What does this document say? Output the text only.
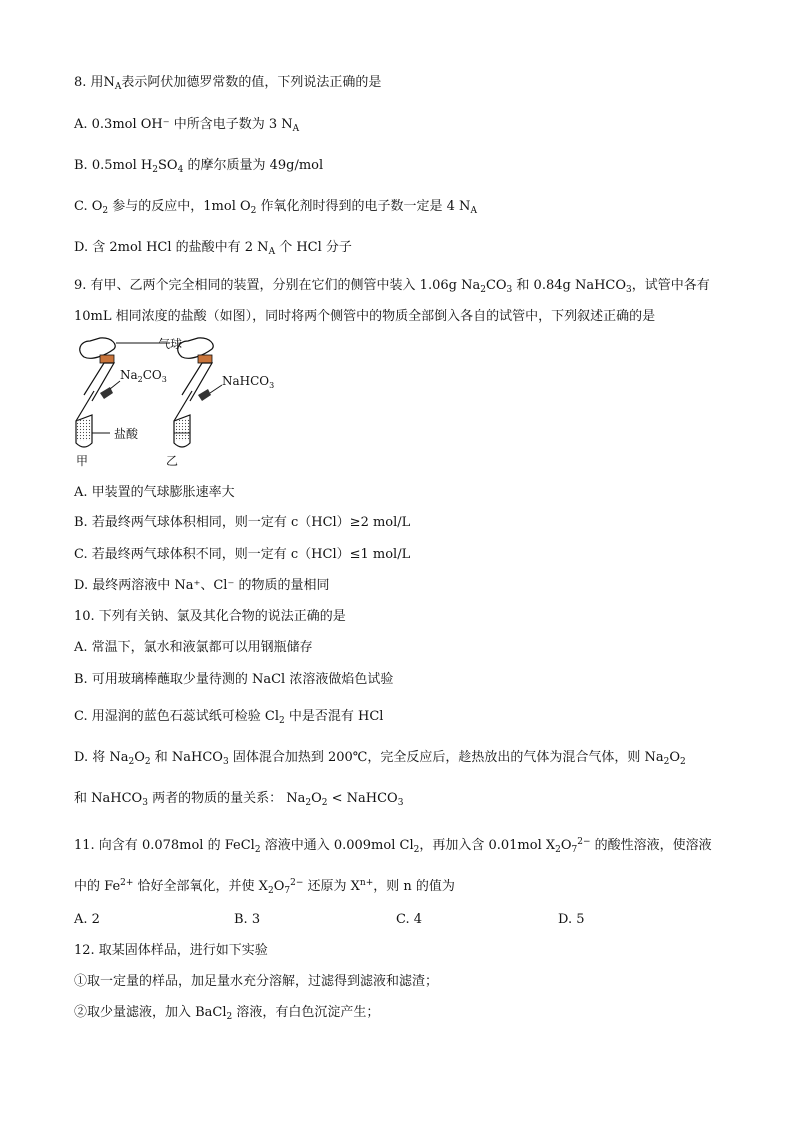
8. 用$N_A$表示阿伏加德罗常数的值，下列说法正确的是
A. 0.3mol OH⁻ 中所含电子数为 3 $N_A$
B. 0.5mol $H_2SO_4$ 的摩尔质量为 49g/mol
C. $O_2$ 参与的反应中，1mol $O_2$ 作氧化剂时得到的电子数一定是 4 $N_A$
D. 含 2mol HCl 的盐酸中有 2 $N_A$ 个 HCl 分子
9. 有甲、乙两个完全相同的装置，分别在它们的侧管中装入 1.06g $Na_2CO_3$ 和 0.84g NaHCO$_3$，试管中各有
10mL 相同浓度的盐酸（如图），同时将两个侧管中的物质全部倒入各自的试管中，下列叙述正确的是
气球
$Na_2CO_3$	NaHCO$_3$
盐酸
甲	乙
A. 甲装置的气球膨胀速率大
B. 若最终两气球体积相同，则一定有 c（HCl）≥2 mol/L
C. 若最终两气球体积不同，则一定有 c（HCl）≤1 mol/L
D. 最终两溶液中 Na⁺、Cl⁻ 的物质的量相同
10. 下列有关钠、氯及其化合物的说法正确的是
A. 常温下，氯水和液氯都可以用钢瓶储存
B. 可用玻璃棒蘸取少量待测的 NaCl 浓溶液做焰色试验
C. 用湿润的蓝色石蕊试纸可检验 $Cl_2$ 中是否混有 HCl
D. 将 $Na_2O_2$ 和 NaHCO$_3$ 固体混合加热到 200℃，完全反应后，趁热放出的气体为混合气体，则 $Na_2O_2$
和 NaHCO$_3$ 两者的物质的量关系： $Na_2O_2$ < NaHCO$_3$
11. 向含有 0.078mol 的 FeCl$_2$ 溶液中通入 0.009mol $Cl_2$，再加入含 0.01mol $X_2O_7^{2-}$ 的酸性溶液，使溶液
中的 $Fe^{2+}$ 恰好全部氧化，并使 $X_2O_7^{2-}$ 还原为 $X^{n+}$，则 n 的值为
A. 2	B. 3	C. 4	D. 5
12. 取某固体样品，进行如下实验
①取一定量的样品，加足量水充分溶解，过滤得到滤液和滤渣；
②取少量滤液，加入 BaCl$_2$ 溶液，有白色沉淀产生；
